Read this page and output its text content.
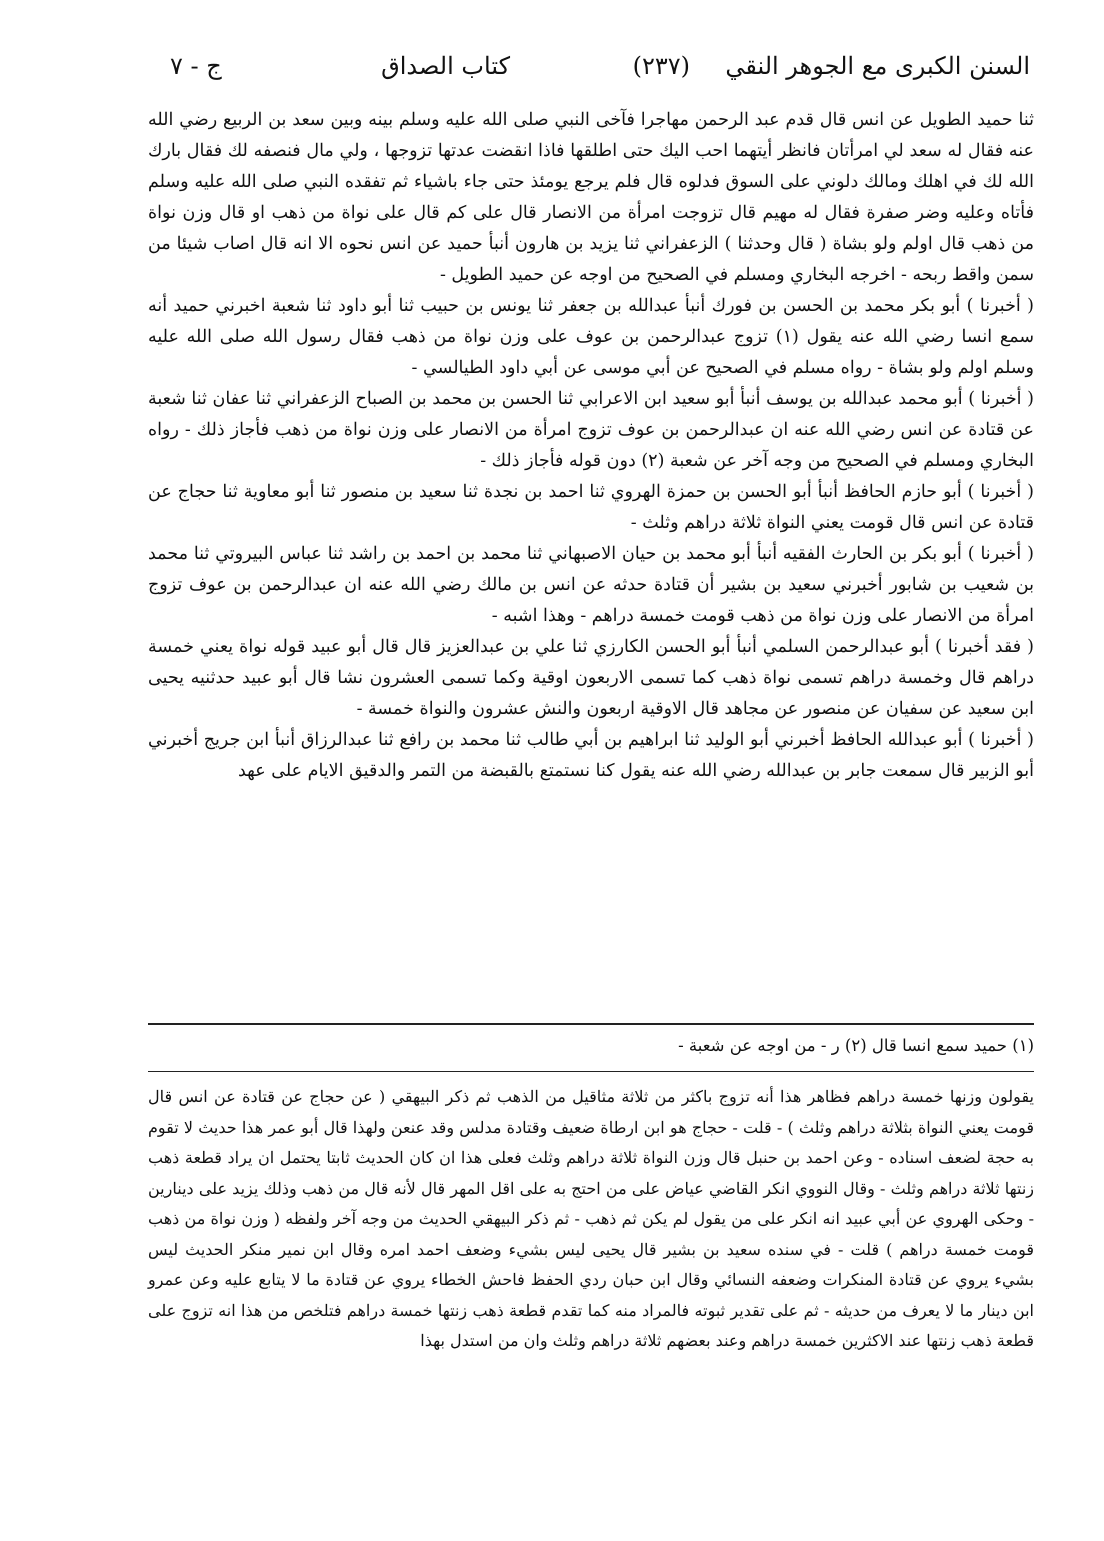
السنن الكبرى مع الجوهر النقي
(٢٣٧)
كتاب الصداق
ج - ٧

ثنا حميد الطويل عن انس قال قدم عبد الرحمن مهاجرا فآخى النبي صلى الله عليه وسلم بينه وبين سعد بن الربيع رضي الله عنه فقال له سعد لي امرأتان فانظر أيتهما احب اليك حتى اطلقها فاذا انقضت عدتها تزوجها ، ولي مال فنصفه لك فقال بارك الله لك في اهلك ومالك دلوني على السوق فدلوه قال فلم يرجع يومئذ حتى جاء باشياء ثم تفقده النبي صلى الله عليه وسلم فأتاه وعليه وضر صفرة فقال له مهيم قال تزوجت امرأة من الانصار قال على كم قال على نواة من ذهب او قال وزن نواة من ذهب قال اولم ولو بشاة ( قال وحدثنا ) الزعفراني ثنا يزيد بن هارون أنبأ حميد عن انس نحوه الا انه قال اصاب شيئا من سمن واقط ربحه - اخرجه البخاري ومسلم في الصحيح من اوجه عن حميد الطويل -

( أخبرنا ) أبو بكر محمد بن الحسن بن فورك أنبأ عبدالله بن جعفر ثنا يونس بن حبيب ثنا أبو داود ثنا شعبة اخبرني حميد أنه سمع انسا رضي الله عنه يقول (١) تزوج عبدالرحمن بن عوف على وزن نواة من ذهب فقال رسول الله صلى الله عليه وسلم اولم ولو بشاة - رواه مسلم في الصحيح عن أبي موسى عن أبي داود الطيالسي -

( أخبرنا ) أبو محمد عبدالله بن يوسف أنبأ أبو سعيد ابن الاعرابي ثنا الحسن بن محمد بن الصباح الزعفراني ثنا عفان ثنا شعبة عن قتادة عن انس رضي الله عنه ان عبدالرحمن بن عوف تزوج امرأة من الانصار على وزن نواة من ذهب فأجاز ذلك - رواه البخاري ومسلم في الصحيح من وجه آخر عن شعبة (٢) دون قوله فأجاز ذلك -

( أخبرنا ) أبو حازم الحافظ أنبأ أبو الحسن بن حمزة الهروي ثنا احمد بن نجدة ثنا سعيد بن منصور ثنا أبو معاوية ثنا حجاج عن قتادة عن انس قال قومت يعني النواة ثلاثة دراهم وثلث -

( أخبرنا ) أبو بكر بن الحارث الفقيه أنبأ أبو محمد بن حيان الاصبهاني ثنا محمد بن احمد بن راشد ثنا عباس البيروتي ثنا محمد بن شعيب بن شابور أخبرني سعيد بن بشير أن قتادة حدثه عن انس بن مالك رضي الله عنه ان عبدالرحمن بن عوف تزوج امرأة من الانصار على وزن نواة من ذهب قومت خمسة دراهم - وهذا اشبه -

( فقد أخبرنا ) أبو عبدالرحمن السلمي أنبأ أبو الحسن الكارزي ثنا علي بن عبدالعزيز قال قال أبو عبيد قوله نواة يعني خمسة دراهم قال وخمسة دراهم تسمى نواة ذهب كما تسمى الاربعون اوقية وكما تسمى العشرون نشا قال أبو عبيد حدثنيه يحيى ابن سعيد عن سفيان عن منصور عن مجاهد قال الاوقية اربعون والنش عشرون والنواة خمسة -

( أخبرنا ) أبو عبدالله الحافظ أخبرني أبو الوليد ثنا ابراهيم بن أبي طالب ثنا محمد بن رافع ثنا عبدالرزاق أنبأ ابن جريج أخبرني أبو الزبير قال سمعت جابر بن عبدالله رضي الله عنه يقول كنا نستمتع بالقبضة من التمر والدقيق الايام على عهد

(١) حميد سمع انسا قال (٢) ر - من اوجه عن شعبة -
يقولون وزنها خمسة دراهم فظاهر هذا أنه تزوج باكثر من ثلاثة مثاقيل من الذهب ثم ذكر البيهقي ( عن حجاج عن قتادة عن انس قال قومت يعني النواة بثلاثة دراهم وثلث ) - قلت - حجاج هو ابن ارطاة ضعيف وقتادة مدلس وقد عنعن ولهذا قال أبو عمر هذا حديث لا تقوم به حجة لضعف اسناده - وعن احمد بن حنبل قال وزن النواة ثلاثة دراهم وثلث فعلى هذا ان كان الحديث ثابتا يحتمل ان يراد قطعة ذهب زنتها ثلاثة دراهم وثلث - وقال النووي انكر القاضي عياض على من احتج به على اقل المهر قال لأنه قال من ذهب وذلك يزيد على دينارين - وحكى الهروي عن أبي عبيد انه انكر على من يقول لم يكن ثم ذهب - ثم ذكر البيهقي الحديث من وجه آخر ولفظه ( وزن نواة من ذهب قومت خمسة دراهم ) قلت - في سنده سعيد بن بشير قال يحيى ليس بشيء وضعف احمد امره وقال ابن نمير منكر الحديث ليس بشيء يروي عن قتادة المنكرات وضعفه النسائي وقال ابن حبان ردي الحفظ فاحش الخطاء يروي عن قتادة ما لا يتابع عليه وعن عمرو ابن دينار ما لا يعرف من حديثه - ثم على تقدير ثبوته فالمراد منه كما تقدم قطعة ذهب زنتها خمسة دراهم فتلخص من هذا انه تزوج على قطعة ذهب زنتها عند الاكثرين خمسة دراهم وعند بعضهم ثلاثة دراهم وثلث وان من استدل بهذا
